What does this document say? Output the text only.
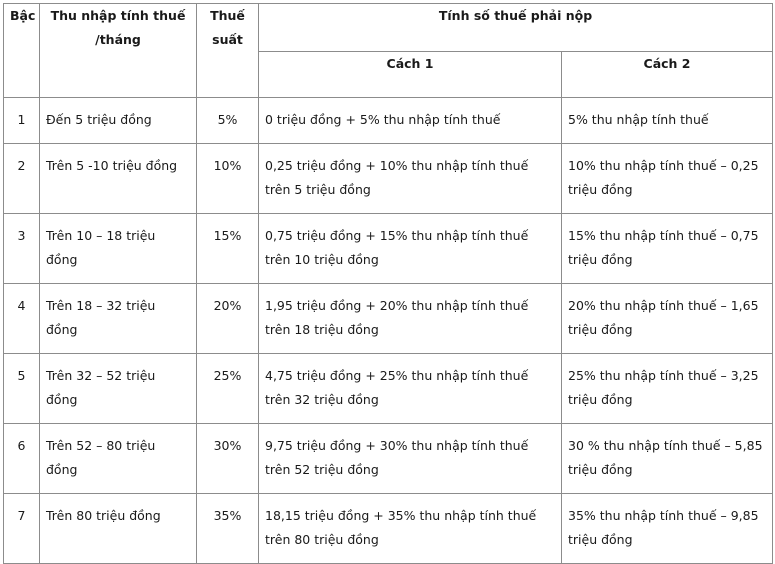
Bậc	Thu nhập tính thuế /tháng	Thuế suất	Tính số thuế phải nộp	
			Cách 1	Cách 2
1	Đến 5 triệu đồng	5%	0 triệu đồng + 5% thu nhập tính thuế	5% thu nhập tính thuế
2	Trên 5 -10 triệu đồng	10%	0,25 triệu đồng + 10% thu nhập tính thuế trên 5 triệu đồng	10% thu nhập tính thuế – 0,25 triệu đồng
3	Trên 10 – 18 triệu đồng	15%	0,75 triệu đồng + 15% thu nhập tính thuế trên 10 triệu đồng	15% thu nhập tính thuế – 0,75 triệu đồng
4	Trên 18 – 32 triệu đồng	20%	1,95 triệu đồng + 20% thu nhập tính thuế trên 18 triệu đồng	20% thu nhập tính thuế – 1,65 triệu đồng
5	Trên 32 – 52 triệu đồng	25%	4,75 triệu đồng + 25% thu nhập tính thuế trên 32 triệu đồng	25% thu nhập tính thuế – 3,25 triệu đồng
6	Trên 52 – 80 triệu đồng	30%	9,75 triệu đồng + 30% thu nhập tính thuế trên 52 triệu đồng	30 % thu nhập tính thuế – 5,85 triệu đồng
7	Trên 80 triệu đồng	35%	18,15 triệu đồng + 35% thu nhập tính thuế trên 80 triệu đồng	35% thu nhập tính thuế – 9,85 triệu đồng
